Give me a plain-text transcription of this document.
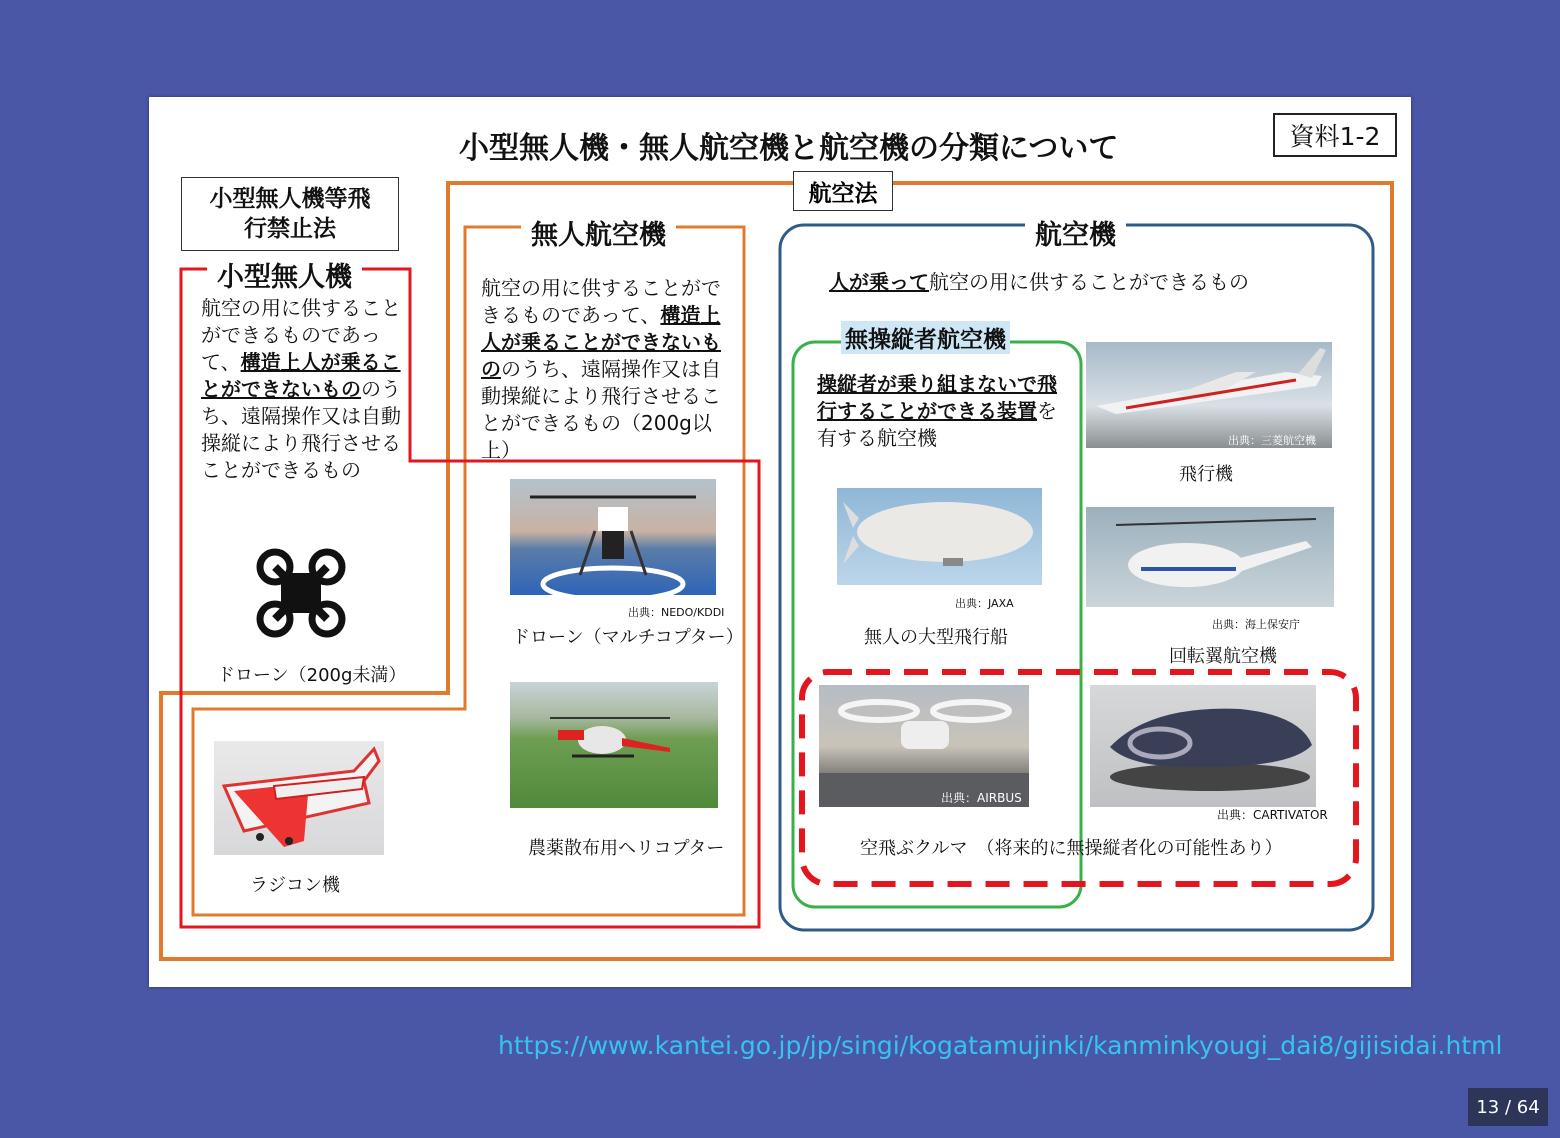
小型無人機・無人航空機と航空機の分類について	資料1-2
小型無人機等飛
行禁止法
航空法
小型無人機
航空の用に供することができるものであって、構造上人が乗ることができないもののうち、遠隔操作又は自動操縦により飛行させることができるもの
ドローン（200g未満）
ラジコン機
無人航空機
航空の用に供することができるものであって、構造上人が乗ることができないもののうち、遠隔操作又は自動操縦により飛行させることができるもの（200g以上）
出典：NEDO/KDDI
ドローン（マルチコプター）
農薬散布用ヘリコプター
航空機
人が乗って航空の用に供することができるもの
無操縦者航空機
操縦者が乗り組まないで飛行することができる装置を有する航空機
出典：JAXA
無人の大型飛行船
出典：三菱航空機
飛行機
出典：海上保安庁
回転翼航空機
出典：AIRBUS
出典：CARTIVATOR
空飛ぶクルマ　（将来的に無操縦者化の可能性あり）
https://www.kantei.go.jp/jp/singi/kogatamujinki/kanminkyougi_dai8/gijisidai.html
13 / 64
